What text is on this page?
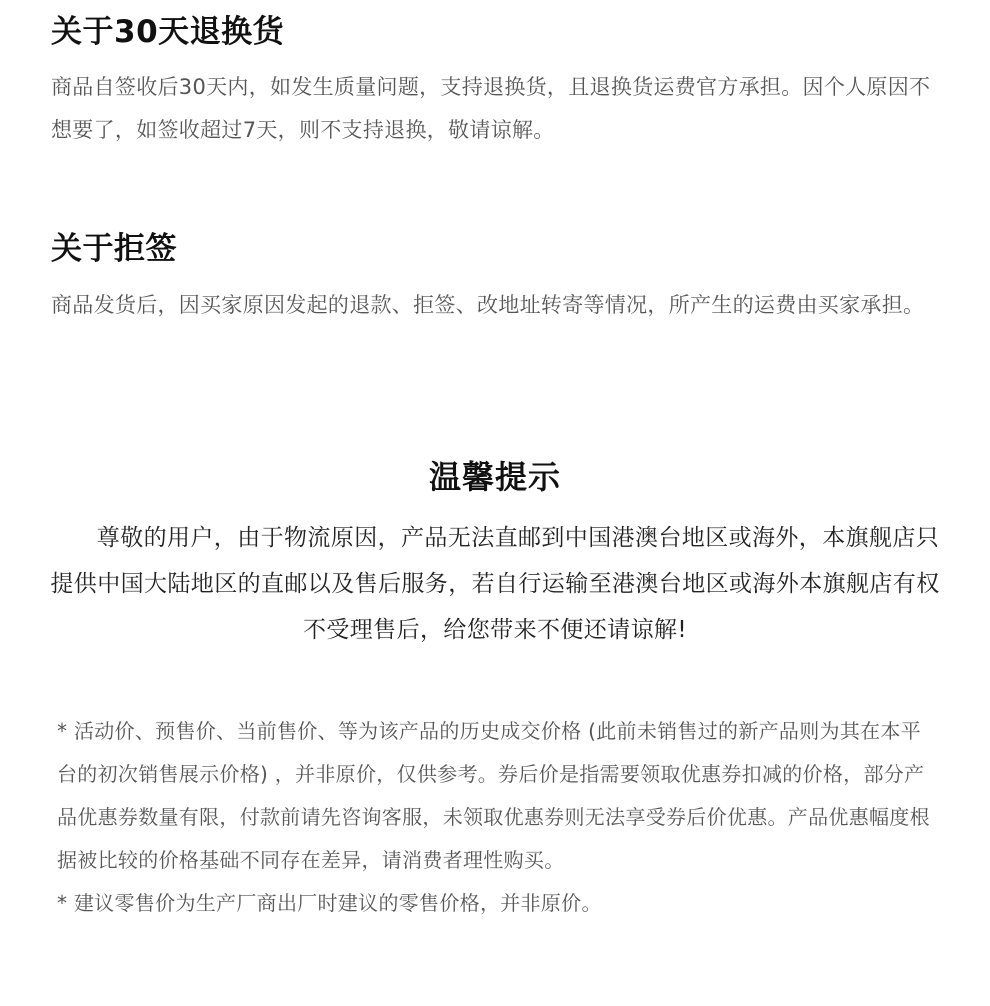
关于30天退换货

商品自签收后30天内，如发生质量问题，支持退换货，且退换货运费官方承担。因个人原因不想要了，如签收超过7天，则不支持退换，敬请谅解。

关于拒签

商品发货后，因买家原因发起的退款、拒签、改地址转寄等情况，所产生的运费由买家承担。

温馨提示

尊敬的用户，由于物流原因，产品无法直邮到中国港澳台地区或海外，本旗舰店只提供中国大陆地区的直邮以及售后服务，若自行运输至港澳台地区或海外本旗舰店有权不受理售后，给您带来不便还请谅解!

* 活动价、预售价、当前售价、等为该产品的历史成交价格 (此前未销售过的新产品则为其在本平台的初次销售展示价格) ，并非原价，仅供参考。券后价是指需要领取优惠券扣减的价格，部分产品优惠券数量有限，付款前请先咨询客服，未领取优惠券则无法享受券后价优惠。产品优惠幅度根据被比较的价格基础不同存在差异，请消费者理性购买。

* 建议零售价为生产厂商出厂时建议的零售价格，并非原价。
